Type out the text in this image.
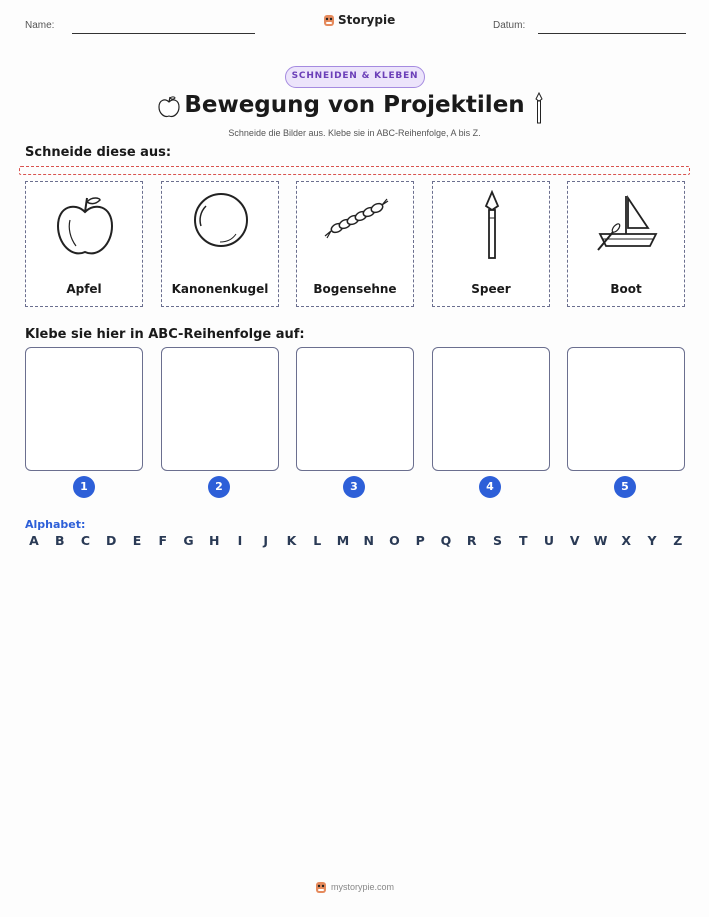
Name:	Storypie	Datum:
SCHNEIDEN & KLEBEN
Bewegung von Projektilen
Schneide die Bilder aus. Klebe sie in ABC-Reihenfolge, A bis Z.
Schneide diese aus:
Apfel	Kanonenkugel	Bogensehne	Speer	Boot
Klebe sie hier in ABC-Reihenfolge auf:
1	2	3	4	5
Alphabet:
A	B	C	D	E	F	G	H	I	J	K	L	M	N	O	P	Q	R	S	T	U	V	W	X	Y	Z
mystorypie.com
